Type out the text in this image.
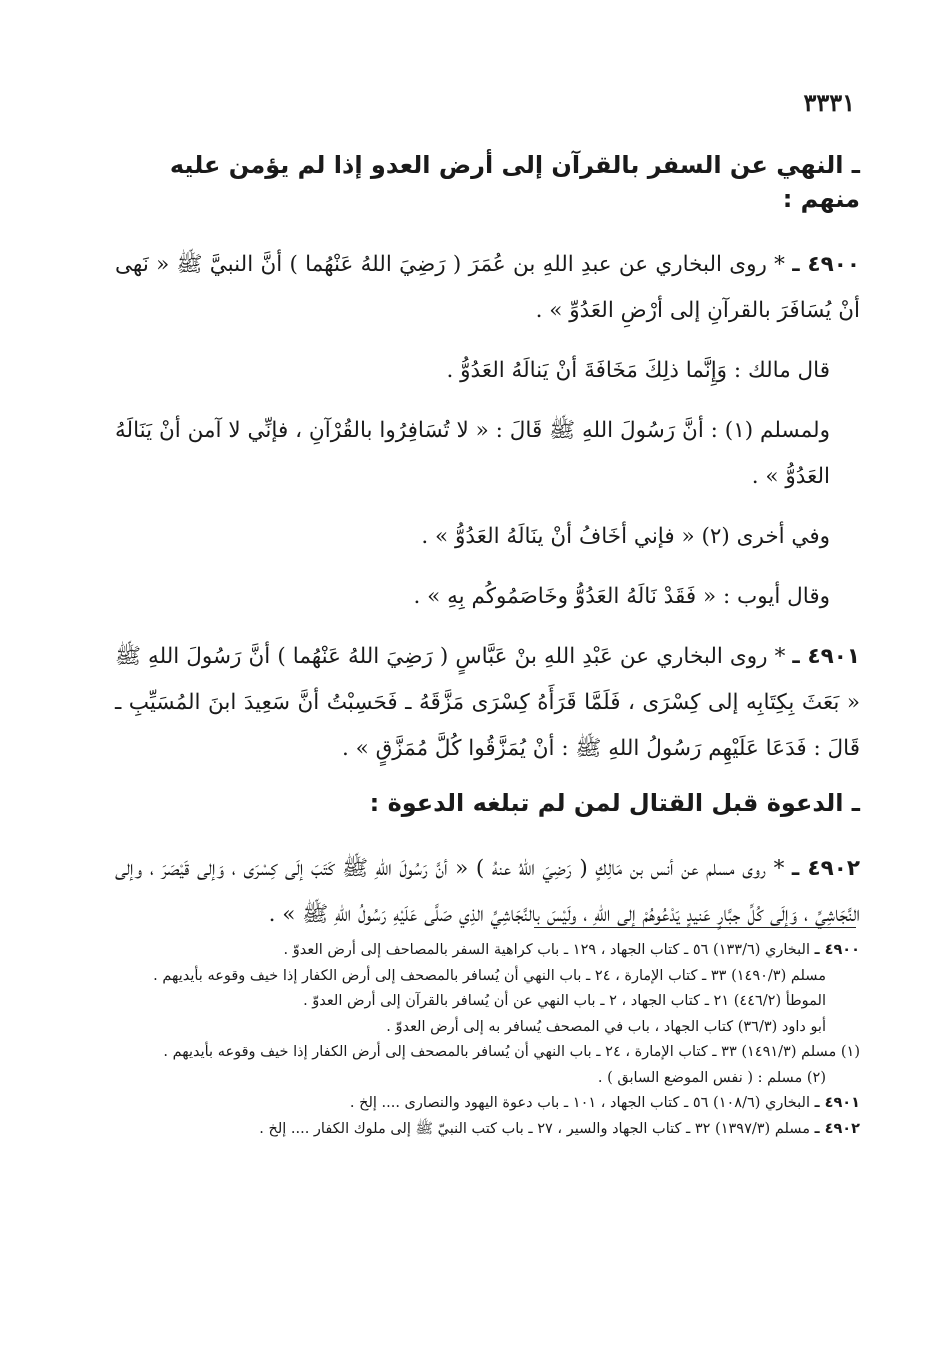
٣٣٣١

ـ النهي عن السفر بالقرآن إلى أرض العدو إذا لم يؤمن عليه منهم :

٤٩٠٠ ـ * روى البخاري عن عبدِ اللهِ بن عُمَرَ ( رَضِيَ اللهُ عَنْهُما ) أنَّ النبيَّ ﷺ « نَهى أنْ يُسَافَرَ بالقرآنِ إلى أرْضِ العَدُوِّ » .

قال مالك : وَإِنَّما ذلِكَ مَخَافَةَ أنْ يَنالَهُ العَدُوُّ .

ولمسلم (١) : أنَّ رَسُولَ اللهِ ﷺ قَالَ : « لا تُسَافِرُوا بالقُرْآنِ ، فإنِّي لا آمن أنْ يَنَالَهُ العَدُوُّ » .

وفي أخرى (٢) « فإني أخَافُ أنْ ينَالَهُ العَدُوُّ » .

وقال أيوب : « فَقَدْ نَالَهُ العَدُوُّ وخَاصَمُوكُم بِهِ » .

٤٩٠١ ـ * روى البخاري عن عَبْدِ اللهِ بنْ عَبَّاسٍ ( رَضِيَ اللهُ عَنْهُما ) أنَّ رَسُولَ اللهِ ﷺ « بَعَثَ بِكِتَابِه إلى كِسْرَى ، فَلَمَّا قَرَأَهُ كِسْرَى مَزَّقَهُ ـ فَحَسِبْتُ أنَّ سَعِيدَ ابنَ المُسَيِّبِ ـ قَالَ : فَدَعَا عَلَيْهِم رَسُولُ اللهِ ﷺ : أنْ يُمَزَّقُوا كُلَّ مُمَزَّقٍ » .

ـ الدعوة قبل القتال لمن لم تبلغه الدعوة :

٤٩٠٢ ـ * روى مسلم عن أنس بن مَالِكٍ ( رَضِيَ اللهُ عنهُ ) « أنَّ رَسُولَ اللهِ ﷺ كَتَبَ إلَى كِسْرَى ، وَإلى قَيْصَرَ ، وإلى النَّجَاشِيِّ ، وَإلَى كُلِّ جبَّارٍ عَنيدٍ يَدْعُوهُمْ إلى اللهِ ، ولَيْسَ بالنَّجَاشِيِّ الذِي صَلَّى عَلَيْهِ رَسُولُ اللهِ ﷺ » .

٤٩٠٠ ـ البخاري (١٣٣/٦) ٥٦ ـ كتاب الجهاد ، ١٢٩ ـ باب كراهية السفر بالمصاحف إلى أرض العدوّ .

مسلم (١٤٩٠/٣) ٣٣ ـ كتاب الإمارة ، ٢٤ ـ باب النهي أن يُسافر بالمصحف إلى أرض الكفار إذا خيف وقوعه بأيديهم .

الموطأ (٤٤٦/٢) ٢١ ـ كتاب الجهاد ، ٢ ـ باب النهي عن أن يُسافر بالقرآن إلى أرض العدوّ .

أبو داود (٣٦/٣) كتاب الجهاد ، باب في المصحف يُسافر به إلى أرض العدوّ .

(١) مسلم (١٤٩١/٣) ٣٣ ـ كتاب الإمارة ، ٢٤ ـ باب النهي أن يُسافر بالمصحف إلى أرض الكفار إذا خيف وقوعه بأيديهم .

(٢) مسلم : ( نفس الموضع السابق ) .

٤٩٠١ ـ البخاري (١٠٨/٦) ٥٦ ـ كتاب الجهاد ، ١٠١ ـ باب دعوة اليهود والنصارى .... إلخ .

٤٩٠٢ ـ مسلم (١٣٩٧/٣) ٣٢ ـ كتاب الجهاد والسير ، ٢٧ ـ باب كتب النبيّ ﷺ إلى ملوك الكفار .... إلخ .
